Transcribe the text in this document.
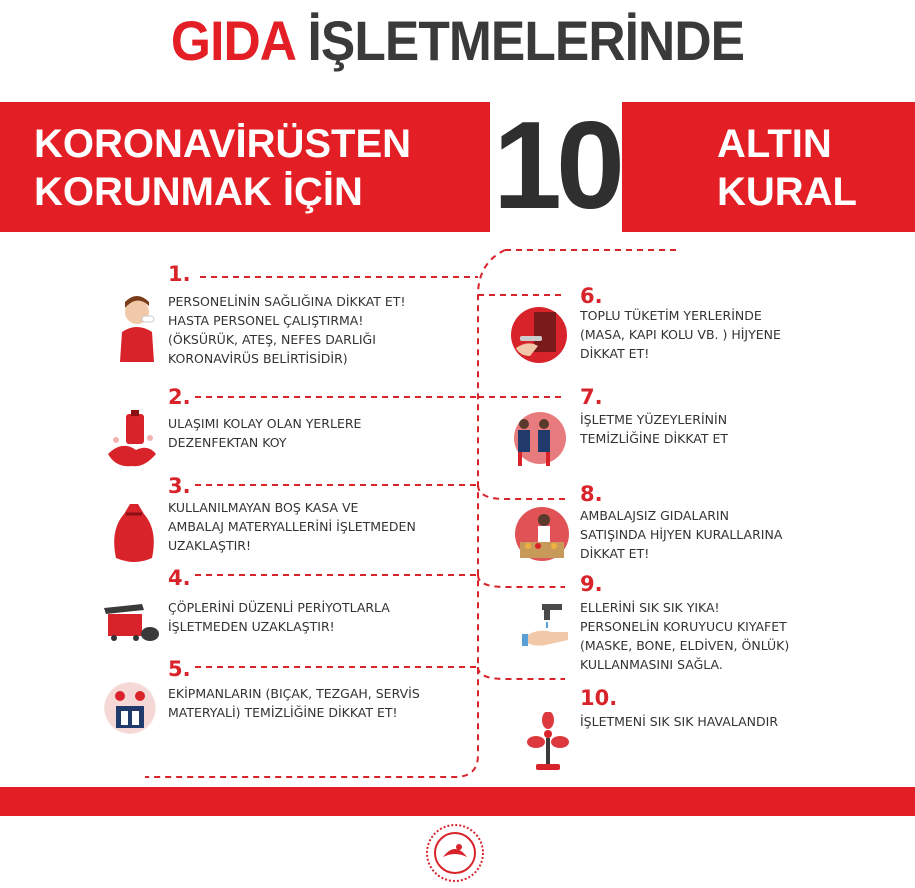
GIDA İŞLETMELERİNDE
KORONAVİRÜSTEN
KORUNMAK İÇİN	10 ALTIN
KURAL
1.
PERSONELİNİN SAĞLIĞINA DİKKAT ET!
HASTA PERSONEL ÇALIŞTIRMA!
(ÖKSÜRÜK, ATEŞ, NEFES DARLIĞI
KORONAVİRÜS BELİRTİSİDİR)
2.
ULAŞIMI KOLAY OLAN YERLERE
DEZENFEKTAN KOY
3.
KULLANILMAYAN BOŞ KASA VE
AMBALAJ MATERYALLERİNİ İŞLETMEDEN
UZAKLAŞTIR!
4.
ÇÖPLERİNİ DÜZENLİ PERİYOTLARLA
İŞLETMEDEN UZAKLAŞTIR!
5.
EKİPMANLARIN (BIÇAK, TEZGAH, SERVİS
MATERYALİ) TEMİZLİĞİNE DİKKAT ET!
6.
TOPLU TÜKETİM YERLERİNDE
(MASA, KAPI KOLU VB. ) HİJYENE
DİKKAT ET!
7.
İŞLETME YÜZEYLERİNİN
TEMİZLİĞİNE DİKKAT ET
8.
AMBALAJSIZ GIDALARIN
SATIŞINDA HİJYEN KURALLARINA
DİKKAT ET!
9.
ELLERİNİ SIK SIK YIKA!
PERSONELİN KORUYUCU KIYAFET
(MASKE, BONE, ELDİVEN, ÖNLÜK)
KULLANMASINI SAĞLA.
10.
İŞLETMENİ SIK SIK HAVALANDIR
